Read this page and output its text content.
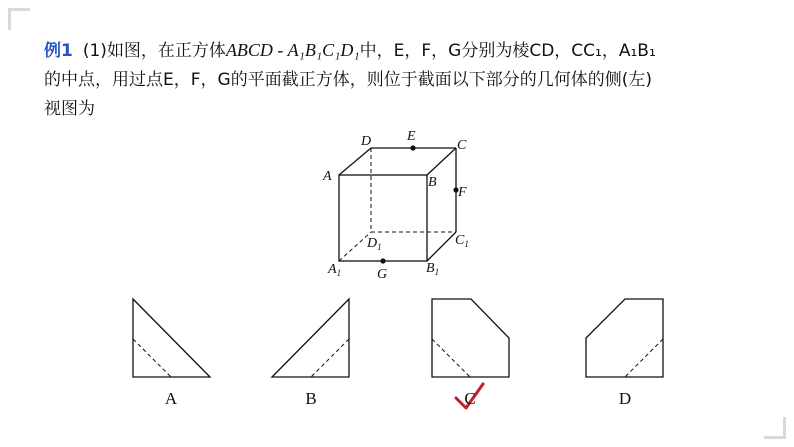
例1 (1)如图，在正方体ABCD - A₁B₁C₁D₁中，E，F，G分别为棱CD，CC₁，A₁B₁
的中点，用过点E，F，G的平面截正方体，则位于截面以下部分的几何体的侧(左)
视图为
D	E
C
A	B
F
$D_1$	$C_1$
$A_1$	G	$B_1$
A	B	C	D
